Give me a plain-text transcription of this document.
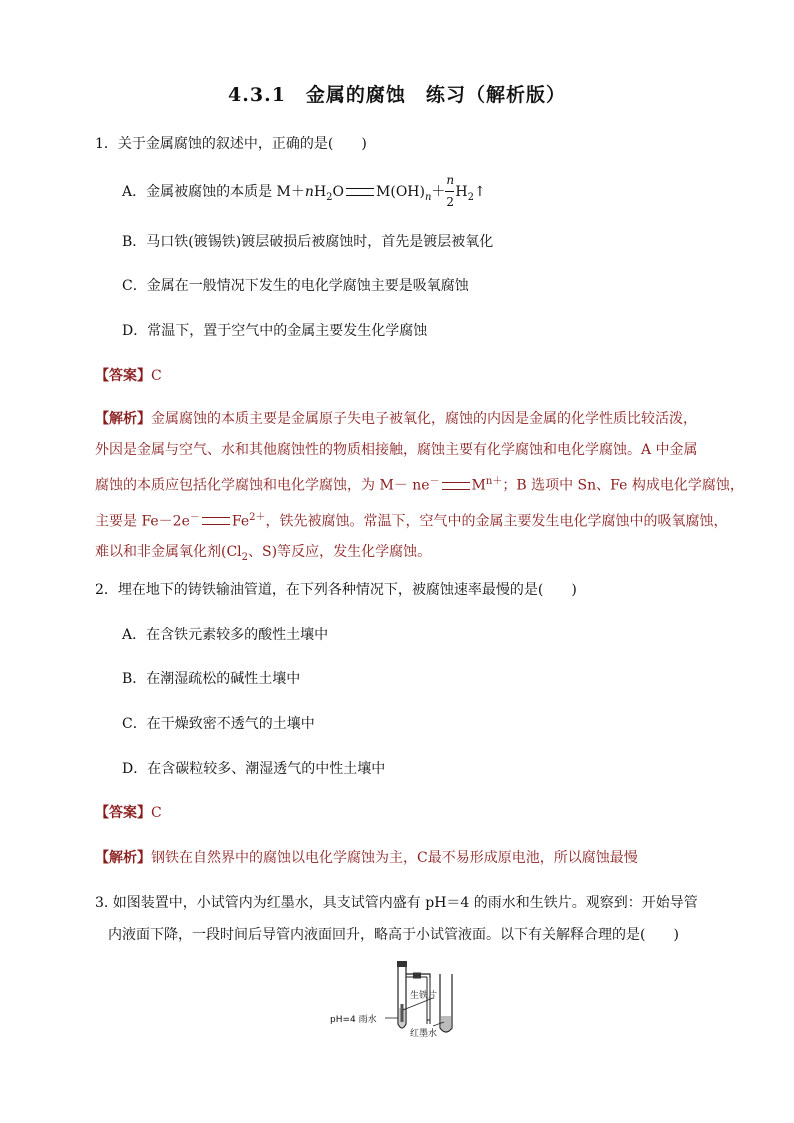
4.3.1　金属的腐蚀　练习（解析版）
1．关于金属腐蚀的叙述中，正确的是(　　)
A．金属被腐蚀的本质是 $M+nH_2O$ $M(OH)_n+ \frac{n}{2}$ $H_2↑$
B．马口铁(镀锡铁)镀层破损后被腐蚀时，首先是镀层被氧化
C．金属在一般情况下发生的电化学腐蚀主要是吸氧腐蚀
D．常温下，置于空气中的金属主要发生化学腐蚀
【答案】C
【解析】金属腐蚀的本质主要是金属原子失电子被氧化，腐蚀的内因是金属的化学性质比较活泼，
外因是金属与空气、水和其他腐蚀性的物质相接触，腐蚀主要有化学腐蚀和电化学腐蚀。A 中金属
腐蚀的本质应包括化学腐蚀和电化学腐蚀，为 M－ ne－ $M^{n+}$；B 选项中 Sn、Fe 构成电化学腐蚀，
主要是 Fe－2e－ $Fe^{2+}$，铁先被腐蚀。常温下，空气中的金属主要发生电化学腐蚀中的吸氧腐蚀，
难以和非金属氧化剂($Cl_2$、S)等反应，发生化学腐蚀。
2．埋在地下的铸铁输油管道，在下列各种情况下，被腐蚀速率最慢的是(　　)
A．在含铁元素较多的酸性土壤中
B．在潮湿疏松的碱性土壤中
C．在干燥致密不透气的土壤中
D．在含碳粒较多、潮湿透气的中性土壤中
【答案】C
【解析】钢铁在自然界中的腐蚀以电化学腐蚀为主，C最不易形成原电池，所以腐蚀最慢
3. 如图装置中，小试管内为红墨水，具支试管内盛有 pH＝4 的雨水和生铁片。观察到：开始导管
内液面下降，一段时间后导管内液面回升，略高于小试管液面。以下有关解释合理的是(　　)
pH=4 雨水
生铁片
红墨水
